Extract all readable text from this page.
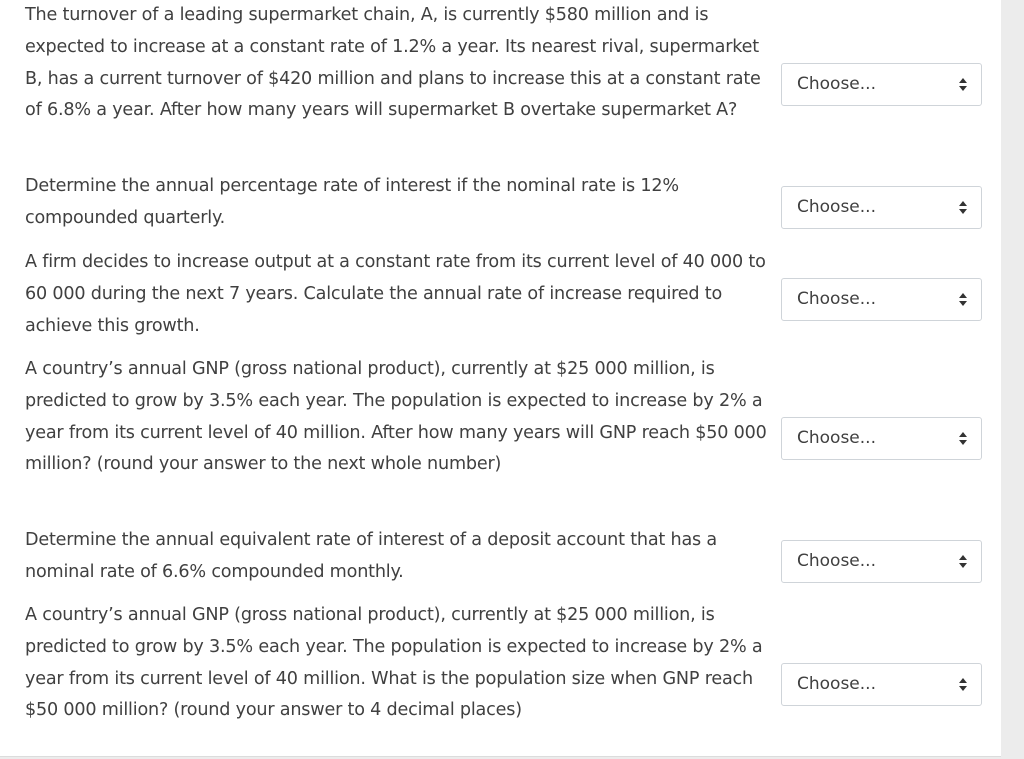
The turnover of a leading supermarket chain, A, is currently $580 million and is expected to increase at a constant rate of 1.2% a year. Its nearest rival, supermarket B, has a current turnover of $420 million and plans to increase this at a constant rate of 6.8% a year. After how many years will supermarket B overtake supermarket A?
Choose...
Determine the annual percentage rate of interest if the nominal rate is 12% compounded quarterly.
Choose...
A firm decides to increase output at a constant rate from its current level of 40 000 to 60 000 during the next 7 years. Calculate the annual rate of increase required to achieve this growth.
Choose...
A country’s annual GNP (gross national product), currently at $25 000 million, is predicted to grow by 3.5% each year. The population is expected to increase by 2% a year from its current level of 40 million. After how many years will GNP reach $50 000 million? (round your answer to the next whole number)
Choose...
Determine the annual equivalent rate of interest of a deposit account that has a nominal rate of 6.6% compounded monthly.
Choose...
A country’s annual GNP (gross national product), currently at $25 000 million, is predicted to grow by 3.5% each year. The population is expected to increase by 2% a year from its current level of 40 million. What is the population size when GNP reach $50 000 million? (round your answer to 4 decimal places)
Choose...
